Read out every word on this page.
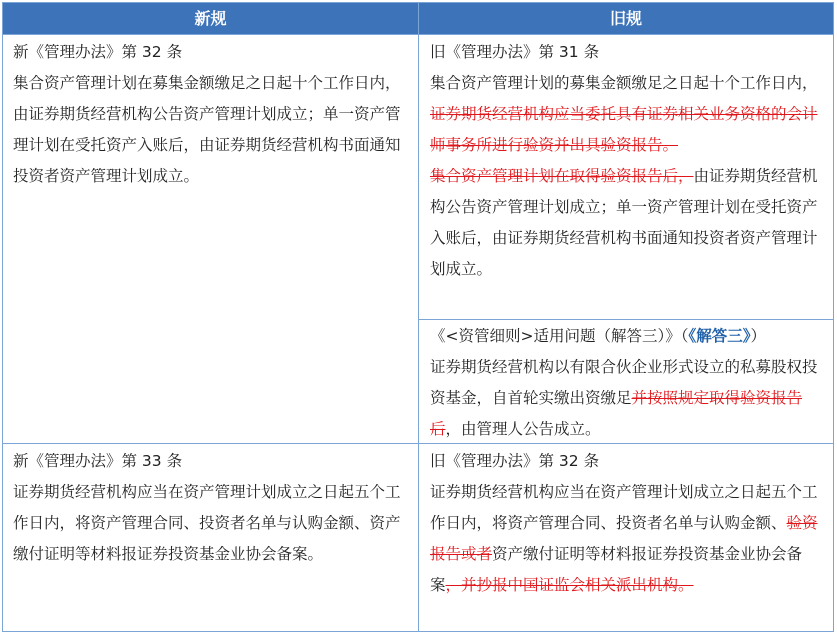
新规	旧规

新《管理办法》第 32 条

集合资产管理计划在募集金额缴足之日起十个工作日内，由证券期货经营机构公告资产管理计划成立；单一资产管理计划在受托资产入账后，由证券期货经营机构书面通知投资者资产管理计划成立。

旧《管理办法》第 31 条

集合资产管理计划的募集金额缴足之日起十个工作日内，证券期货经营机构应当委托具有证券相关业务资格的会计师事务所进行验资并出具验资报告。

集合资产管理计划在取得验资报告后，由证券期货经营机构公告资产管理计划成立；单一资产管理计划在受托资产入账后，由证券期货经营机构书面通知投资者资产管理计划成立。

《<资管细则>适用问题（解答三）》（《解答三》）

证券期货经营机构以有限合伙企业形式设立的私募股权投资基金，自首轮实缴出资缴足并按照规定取得验资报告后，由管理人公告成立。

新《管理办法》第 33 条

证券期货经营机构应当在资产管理计划成立之日起五个工作日内，将资产管理合同、投资者名单与认购金额、资产缴付证明等材料报证券投资基金业协会备案。

旧《管理办法》第 32 条

证券期货经营机构应当在资产管理计划成立之日起五个工作日内，将资产管理合同、投资者名单与认购金额、验资报告或者资产缴付证明等材料报证券投资基金业协会备案，并抄报中国证监会相关派出机构。
